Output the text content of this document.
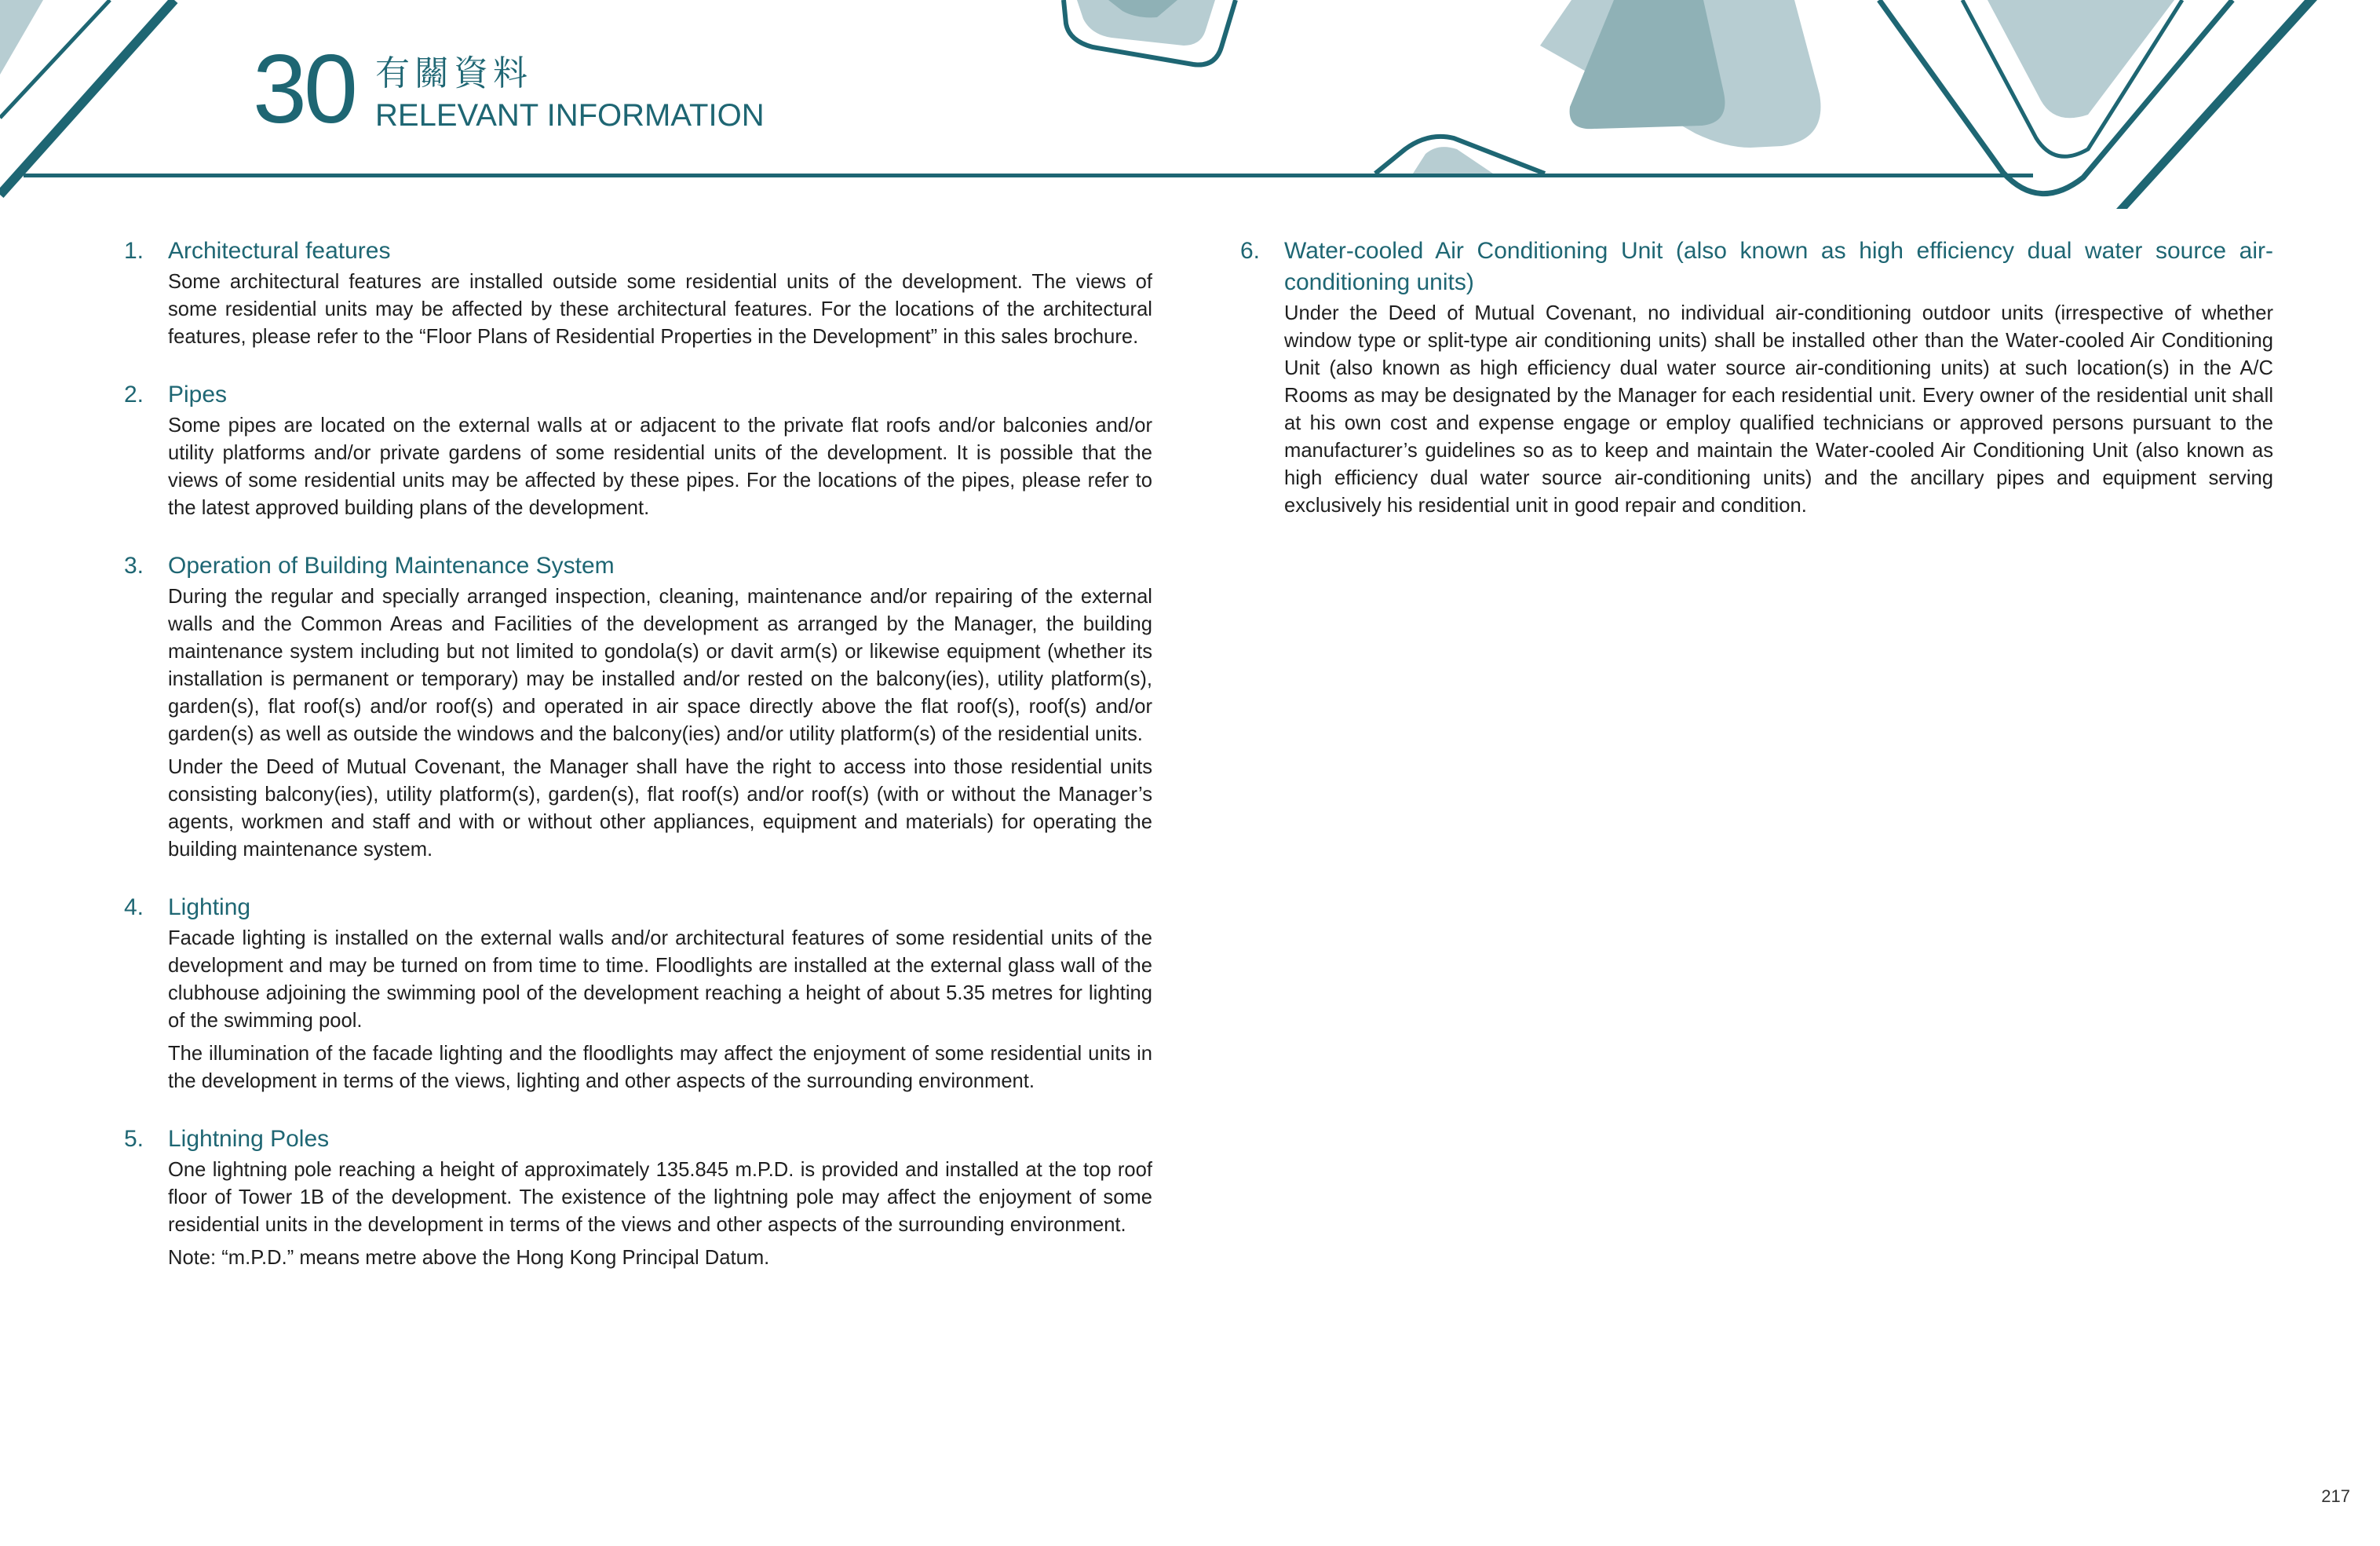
30 有關資料
RELEVANT INFORMATION
1. Architectural features

Some architectural features are installed outside some residential units of the development. The views of some residential units may be affected by these architectural features. For the locations of the architectural features, please refer to the “Floor Plans of Residential Properties in the Development” in this sales brochure.

2. Pipes

Some pipes are located on the external walls at or adjacent to the private flat roofs and/or balconies and/or utility platforms and/or private gardens of some residential units of the development. It is possible that the views of some residential units may be affected by these pipes. For the locations of the pipes, please refer to the latest approved building plans of the development.

3. Operation of Building Maintenance System

During the regular and specially arranged inspection, cleaning, maintenance and/or repairing of the external walls and the Common Areas and Facilities of the development as arranged by the Manager, the building maintenance system including but not limited to gondola(s) or davit arm(s) or likewise equipment (whether its installation is permanent or temporary) may be installed and/or rested on the balcony(ies), utility platform(s), garden(s), flat roof(s) and/or roof(s) and operated in air space directly above the flat roof(s), roof(s) and/or garden(s) as well as outside the windows and the balcony(ies) and/or utility platform(s) of the residential units.

Under the Deed of Mutual Covenant, the Manager shall have the right to access into those residential units consisting balcony(ies), utility platform(s), garden(s), flat roof(s) and/or roof(s) (with or without the Manager’s agents, workmen and staff and with or without other appliances, equipment and materials) for operating the building maintenance system.

4. Lighting

Facade lighting is installed on the external walls and/or architectural features of some residential units of the development and may be turned on from time to time. Floodlights are installed at the external glass wall of the clubhouse adjoining the swimming pool of the development reaching a height of about 5.35 metres for lighting of the swimming pool.

The illumination of the facade lighting and the floodlights may affect the enjoyment of some residential units in the development in terms of the views, lighting and other aspects of the surrounding environment.

5. Lightning Poles

One lightning pole reaching a height of approximately 135.845 m.P.D. is provided and installed at the top roof floor of Tower 1B of the development. The existence of the lightning pole may affect the enjoyment of some residential units in the development in terms of the views and other aspects of the surrounding environment.

Note: “m.P.D.” means metre above the Hong Kong Principal Datum.

6. Water-cooled Air Conditioning Unit (also known as high efficiency dual water source air-conditioning units)

Under the Deed of Mutual Covenant, no individual air-conditioning outdoor units (irrespective of whether window type or split-type air conditioning units) shall be installed other than the Water-cooled Air Conditioning Unit (also known as high efficiency dual water source air-conditioning units) at such location(s) in the A/C Rooms as may be designated by the Manager for each residential unit. Every owner of the residential unit shall at his own cost and expense engage or employ qualified technicians or approved persons pursuant to the manufacturer’s guidelines so as to keep and maintain the Water-cooled Air Conditioning Unit (also known as high efficiency dual water source air-conditioning units) and the ancillary pipes and equipment serving exclusively his residential unit in good repair and condition.

217
